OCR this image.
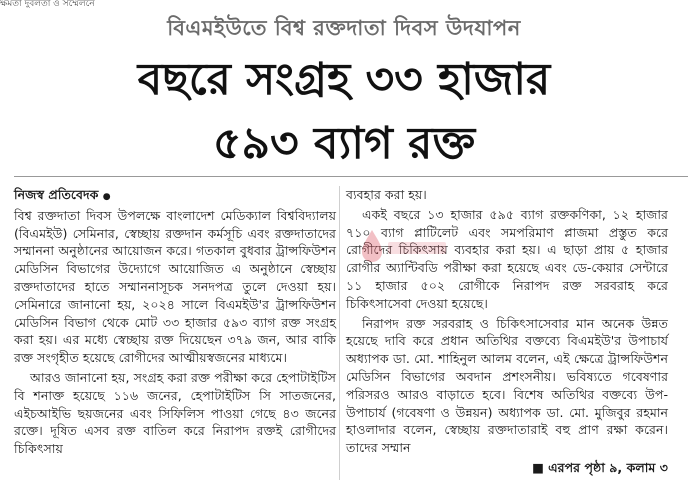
ক্ষমতা দুর্বলতা ও সম্মেলনে
বিএমইউতে বিশ্ব রক্তদাতা দিবস উদযাপন
বছরে সংগ্রহ ৩৩ হাজার
৫৯৩ ব্যাগ রক্ত
নিজস্ব প্রতিবেদক ●

বিশ্ব রক্তদাতা দিবস উপলক্ষে বাংলাদেশ মেডিক্যাল বিশ্ববিদ্যালয় (বিএমইউ) সেমিনার, স্বেচ্ছায় রক্তদান কর্মসূচি এবং রক্তদাতাদের সম্মাননা অনুষ্ঠানের আয়োজন করে। গতকাল বুধবার ট্রান্সফিউশন মেডিসিন বিভাগের উদ্যোগে আয়োজিত এ অনুষ্ঠানে স্বেচ্ছায় রক্তদাতাদের হাতে সম্মাননাসূচক সনদপত্র তুলে দেওয়া হয়। সেমিনারে জানানো হয়, ২০২৪ সালে বিএমইউ'র ট্রান্সফিউশন মেডিসিন বিভাগ থেকে মোট ৩৩ হাজার ৫৯৩ ব্যাগ রক্ত সংগ্রহ করা হয়। এর মধ্যে স্বেচ্ছায় রক্ত দিয়েছেন ৩৭৯ জন, আর বাকি রক্ত সংগৃহীত হয়েছে রোগীদের আত্মীয়স্বজনের মাধ্যমে।

আরও জানানো হয়, সংগ্রহ করা রক্ত পরীক্ষা করে হেপাটাইটিস বি শনাক্ত হয়েছে ১১৬ জনের, হেপাটাইটিস সি সাতজনের, এইচআইভি ছয়জনের এবং সিফিলিস পাওয়া গেছে ৪৩ জনের রক্তে। দূষিত এসব রক্ত বাতিল করে নিরাপদ রক্তই রোগীদের চিকিৎসায়

ব্যবহার করা হয়।

একই বছরে ১৩ হাজার ৫৯৫ ব্যাগ রক্তকণিকা, ১২ হাজার ৭১০ ব্যাগ প্লাটিলেট এবং সমপরিমাণ প্লাজমা প্রস্তুত করে রোগীদের চিকিৎসায় ব্যবহার করা হয়। এ ছাড়া প্রায় ৫ হাজার রোগীর অ্যান্টিবডি পরীক্ষা করা হয়েছে এবং ডে-কেয়ার সেন্টারে ১১ হাজার ৫০২ রোগীকে নিরাপদ রক্ত সরবরাহ করে চিকিৎসাসেবা দেওয়া হয়েছে।

নিরাপদ রক্ত সরবরাহ ও চিকিৎসাসেবার মান অনেক উন্নত হয়েছে দাবি করে প্রধান অতিথির বক্তব্যে বিএমইউ'র উপাচার্য অধ্যাপক ডা. মো. শাহিনুল আলম বলেন, এই ক্ষেত্রে ট্রান্সফিউশন মেডিসিন বিভাগের অবদান প্রশংসনীয়। ভবিষ্যতে গবেষণার পরিসরও আরও বাড়াতে হবে। বিশেষ অতিথির বক্তব্যে উপ-উপাচার্য (গবেষণা ও উন্নয়ন) অধ্যাপক ডা. মো. মুজিবুর রহমান হাওলাদার বলেন, স্বেচ্ছায় রক্তদাতারাই বহু প্রাণ রক্ষা করেন। তাদের সম্মান

■ এরপর পৃষ্ঠা ৯, কলাম ৩
